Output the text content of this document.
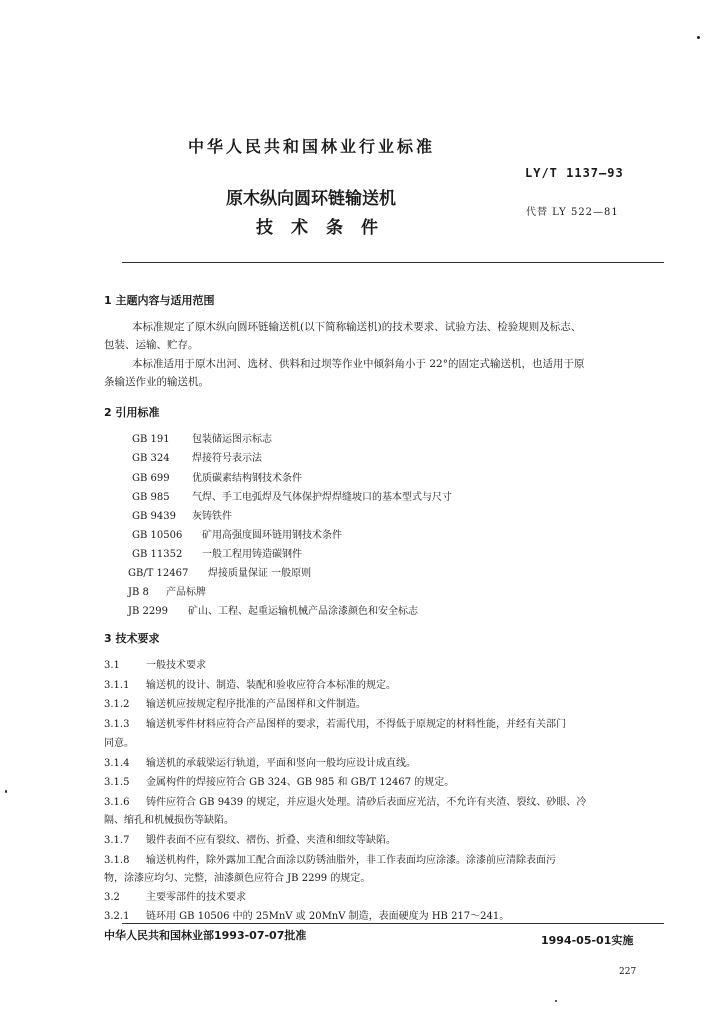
中华人民共和国林业行业标准
LY/T 1137—93
原木纵向圆环链输送机
代替 LY 522—81
技术条件
1 主题内容与适用范围
本标准规定了原木纵向圆环链输送机(以下简称输送机)的技术要求、试验方法、检验规则及标志、
包装、运输、贮存。
本标准适用于原木出河、选材、供料和过坝等作业中倾斜角小于 22°的固定式输送机，也适用于原
条输送作业的输送机。
2 引用标准
GB 191 包装储运图示标志
GB 324 焊接符号表示法
GB 699 优质碳素结构钢技术条件
GB 985 气焊、手工电弧焊及气体保护焊焊缝坡口的基本型式与尺寸
GB 9439 灰铸铁件
GB 10506 矿用高强度圆环链用钢技术条件
GB 11352 一般工程用铸造碳钢件
GB/T 12467 焊接质量保证 一般原则
JB 8 产品标牌
JB 2299 矿山、工程、起重运输机械产品涂漆颜色和安全标志
3 技术要求
3.1	一般技术要求
3.1.1 输送机的设计、制造、装配和验收应符合本标准的规定。
3.1.2 输送机应按规定程序批准的产品图样和文件制造。
3.1.3 输送机零件材料应符合产品图样的要求，若需代用，不得低于原规定的材料性能，并经有关部门
同意。
3.1.4 输送机的承载梁运行轨道，平面和竖向一般均应设计成直线。
3.1.5 金属构件的焊接应符合 GB 324、GB 985 和 GB/T 12467 的规定。
3.1.6 铸件应符合 GB 9439 的规定，并应退火处理。清砂后表面应光洁，不允许有夹渣、裂纹、砂眼、冷
隔、缩孔和机械损伤等缺陷。
3.1.7 锻件表面不应有裂纹、褶伤、折叠、夹渣和细纹等缺陷。
3.1.8 输送机构件，除外露加工配合面涂以防锈油脂外，非工作表面均应涂漆。涂漆前应清除表面污
物，涂漆应均匀、完整，油漆颜色应符合 JB 2299 的规定。
3.2	主要零部件的技术要求
3.2.1 链环用 GB 10506 中的 25MnV 或 20MnV 制造，表面硬度为 HB 217～241。
中华人民共和国林业部1993-07-07批准	1994-05-01实施
227
